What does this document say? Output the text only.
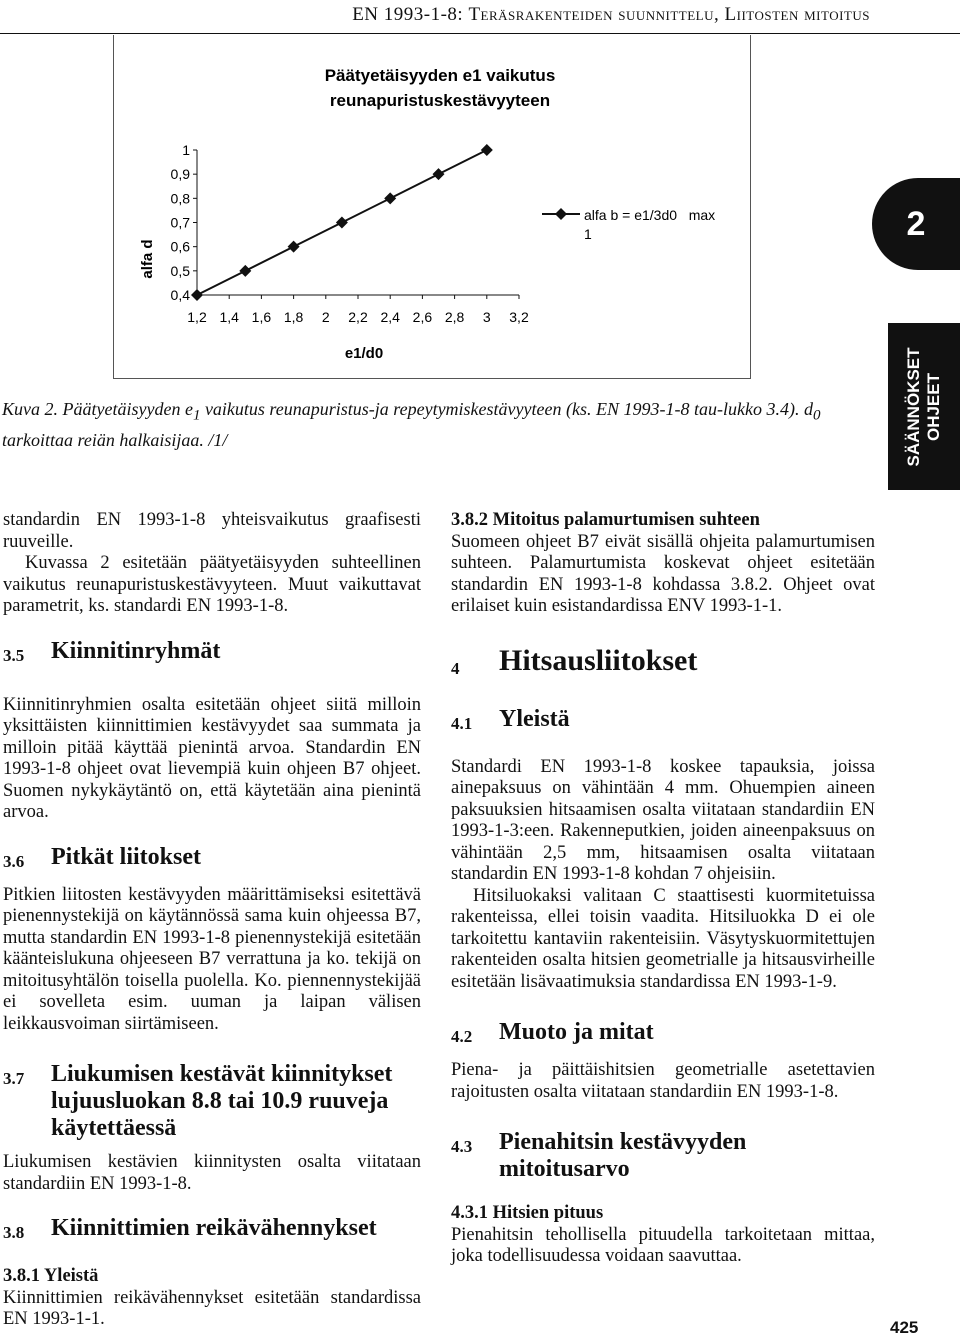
EN 1993-1-8: Teräsrakenteiden suunnittelu, Liitosten mitoitus
Päätyetäisyyden e1 vaikutus
reunapuristuskestävyyteen
alfa d
e1/d0
0,4
0,5
0,6
0,7
0,8
0,9
1
1,2 1,4 1,6 1,8 2 2,2 2,4 2,6 2,8 3 3,2
alfa b = e1/3d0   max
1
Kuva 2. Päätyetäisyyden $e_1$ vaikutus reunapuristus-ja repeytymiskestävyyteen (ks. EN 1993-1-8 tau-lukko 3.4). $d_0$ tarkoittaa reiän halkaisijaa. /1/
2
SÄÄNNÖKSET OHJEET

standardin EN 1993-1-8 yhteisvaikutus graafisesti ruuveille.

Kuvassa 2 esitetään päätyetäisyyden suhteellinen vaikutus reunapuristuskestävyyteen. Muut vaikuttavat parametrit, ks. standardi EN 1993-1-8.

3.5	Kiinnitinryhmät

Kiinnitinryhmien osalta esitetään ohjeet siitä milloin yksittäisten kiinnittimien kestävyydet saa summata ja milloin pitää käyttää pienintä arvoa. Standardin EN 1993-1-8 ohjeet ovat lievempiä kuin ohjeen B7 ohjeet. Suomen nykykäytäntö on, että käytetään aina pienintä arvoa.

3.6	Pitkät liitokset

Pitkien liitosten kestävyyden määrittämiseksi esitettävä pienennystekijä on käytännössä sama kuin ohjeessa B7, mutta standardin EN 1993-1-8 pienennystekijä esitetään käänteislukuna ohjeeseen B7 verrattuna ja ko. tekijä on mitoitusyhtälön toisella puolella. Ko. piennennystekijää ei sovelleta esim. uuman ja laipan välisen leikkausvoiman siirtämiseen.

3.7	Liukumisen kestävät kiinnitykset lujuusluokan 8.8 tai 10.9 ruuveja käytettäessä

Liukumisen kestävien kiinnitysten osalta viitataan standardiin EN 1993-1-8.

3.8	Kiinnittimien reikävähennykset
3.8.1 Yleistä

Kiinnittimien reikävähennykset esitetään standardissa EN 1993-1-1.

3.8.2 Mitoitus palamurtumisen suhteen

Suomeen ohjeet B7 eivät sisällä ohjeita palamurtumisen suhteen. Palamurtumista koskevat ohjeet esitetään standardin EN 1993-1-8 kohdassa 3.8.2. Ohjeet ovat erilaiset kuin esistandardissa ENV 1993-1-1.

4	Hitsausliitokset
4.1	Yleistä

Standardi EN 1993-1-8 koskee tapauksia, joissa ainepaksuus on vähintään 4 mm. Ohuempien aineen paksuuksien hitsaamisen osalta viitataan standardiin EN 1993-1-3:een. Rakenneputkien, joiden aineenpaksuus on vähintään 2,5 mm, hitsaamisen osalta viitataan standardin EN 1993-1-8 kohdan 7 ohjeisiin.

Hitsiluokaksi valitaan C staattisesti kuormitetuissa rakenteissa, ellei toisin vaadita. Hitsiluokka D ei ole tarkoitettu kantaviin rakenteisiin. Väsytyskuormitettujen rakenteiden osalta hitsien geometrialle ja hitsausvirheille esitetään lisävaatimuksia standardissa EN 1993-1-9.

4.2	Muoto ja mitat

Piena- ja päittäishitsien geometrialle asetettavien rajoitusten osalta viitataan standardiin EN 1993-1-8.

4.3	Pienahitsin kestävyyden mitoitusarvo
4.3.1 Hitsien pituus

Pienahitsin tehollisella pituudella tarkoitetaan mittaa, joka todellisuudessa voidaan saavuttaa.

425
